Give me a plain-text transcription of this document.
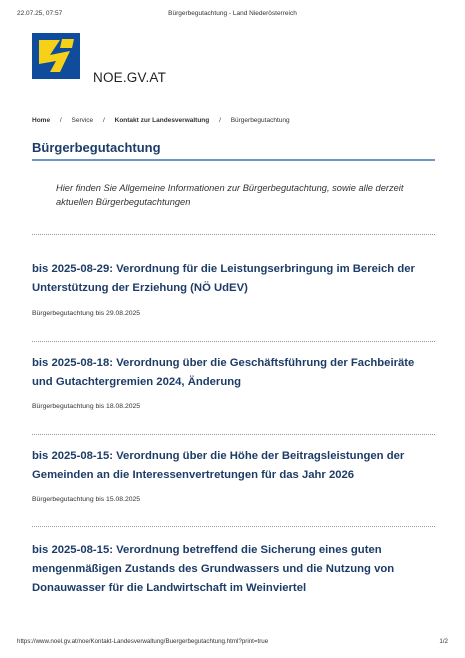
22.07.25, 07:57	Bürgerbegutachtung - Land Niederösterreich
NOE.GV.AT
Home / Service / Kontakt zur Landesverwaltung / Bürgerbegutachtung
Bürgerbegutachtung

Hier finden Sie Allgemeine Informationen zur Bürgerbegutachtung, sowie alle derzeit aktuellen Bürgerbegutachtungen

bis 2025-08-29: Verordnung für die Leistungserbringung im Bereich der
Unterstützung der Erziehung (NÖ UdEV)
Bürgerbegutachtung bis 29.08.2025
bis 2025-08-18: Verordnung über die Geschäftsführung der Fachbeiräte
und Gutachtergremien 2024, Änderung
Bürgerbegutachtung bis 18.08.2025
bis 2025-08-15: Verordnung über die Höhe der Beitragsleistungen der
Gemeinden an die Interessenvertretungen für das Jahr 2026
Bürgerbegutachtung bis 15.08.2025
bis 2025-08-15: Verordnung betreffend die Sicherung eines guten
mengenmäßigen Zustands des Grundwassers und die Nutzung von
Donauwasser für die Landwirtschaft im Weinviertel
https://www.noel.gv.at/noe/Kontakt-Landesverwaltung/Buergerbegutachtung.html?print=true	1/2
